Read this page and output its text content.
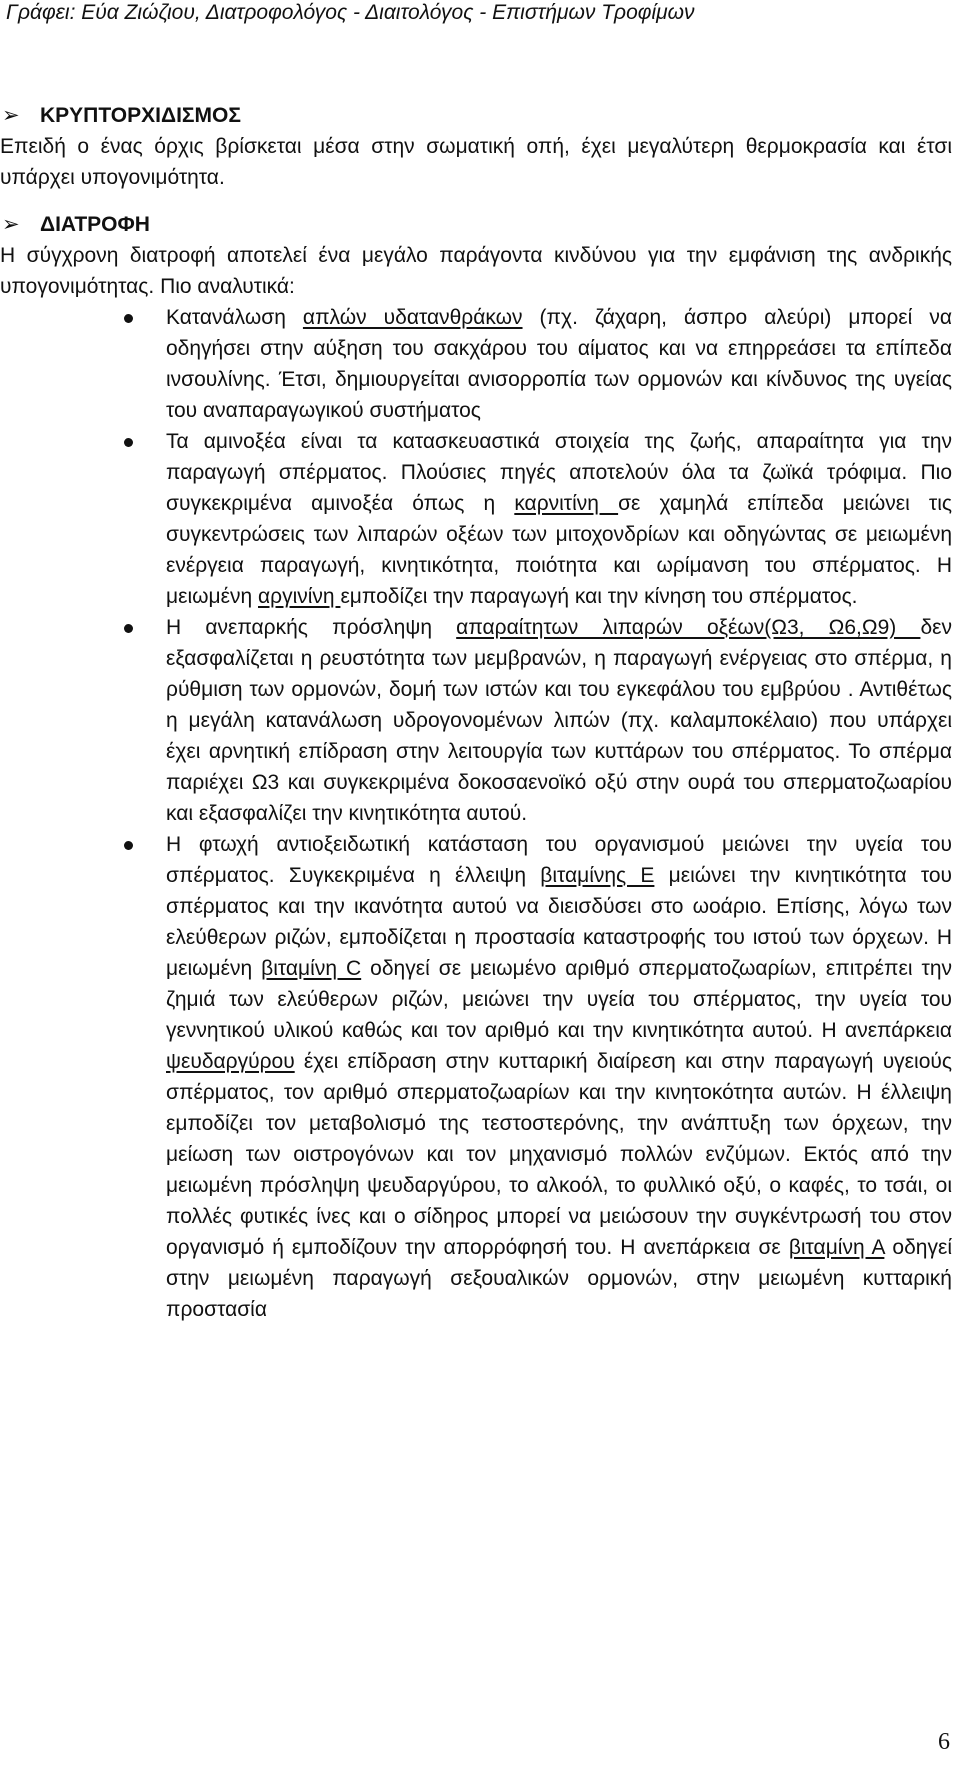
Γράφει: Εύα Ζιώζιου, Διατροφολόγος - Διαιτολόγος - Επιστήμων Τροφίμων
➢ ΚΡΥΠΤΟΡΧΙΔΙΣΜΟΣ

Επειδή ο ένας όρχις βρίσκεται μέσα στην σωματική οπή, έχει μεγαλύτερη θερμοκρασία και έτσι υπάρχει υπογονιμότητα.

➢ ΔΙΑΤΡΟΦΗ

Η σύγχρονη διατροφή αποτελεί ένα μεγάλο παράγοντα κινδύνου για την εμφάνιση της ανδρικής υπογονιμότητας. Πιο αναλυτικά:

Κατανάλωση απλών υδατανθράκων (πχ. ζάχαρη, άσπρο αλεύρι) μπορεί να οδηγήσει στην αύξηση του σακχάρου του αίματος και να επηρρεάσει τα επίπεδα ινσουλίνης. Έτσι, δημιουργείται ανισορροπία των ορμονών και κίνδυνος της υγείας του αναπαραγωγικού συστήματος

Τα αμινοξέα είναι τα κατασκευαστικά στοιχεία της ζωής, απαραίτητα για την παραγωγή σπέρματος. Πλούσιες πηγές αποτελούν όλα τα ζωϊκά τρόφιμα. Πιο συγκεκριμένα αμινοξέα όπως η καρνιτίνη σε χαμηλά επίπεδα μειώνει τις συγκεντρώσεις των λιπαρών οξέων των μιτοχονδρίων και οδηγώντας σε μειωμένη ενέργεια παραγωγή, κινητικότητα, ποιότητα και ωρίμανση του σπέρματος. Η μειωμένη αργινίνη εμποδίζει την παραγωγή και την κίνηση του σπέρματος.

Η ανεπαρκής πρόσληψη απαραίτητων λιπαρών οξέων(Ω3, Ω6,Ω9) δεν εξασφαλίζεται η ρευστότητα των μεμβρανών, η παραγωγή ενέργειας στο σπέρμα, η ρύθμιση των ορμονών, δομή των ιστών και του εγκεφάλου του εμβρύου . Αντιθέτως η μεγάλη κατανάλωση υδρογονομένων λιπών (πχ. καλαμποκέλαιο) που υπάρχει έχει αρνητική επίδραση στην λειτουργία των κυττάρων του σπέρματος. Το σπέρμα παριέχει Ω3 και συγκεκριμένα δοκοσαενοϊκό οξύ στην ουρά του σπερματοζωαρίου και εξασφαλίζει την κινητικότητα αυτού.

Η φτωχή αντιοξειδωτική κατάσταση του οργανισμού μειώνει την υγεία του σπέρματος. Συγκεκριμένα η έλλειψη βιταμίνης Ε μειώνει την κινητικότητα του σπέρματος και την ικανότητα αυτού να διεισδύσει στο ωοάριο. Επίσης, λόγω των ελεύθερων ριζών, εμποδίζεται η προστασία καταστροφής του ιστού των όρχεων. Η μειωμένη βιταμίνη C οδηγεί σε μειωμένο αριθμό σπερματοζωαρίων, επιτρέπει την ζημιά των ελεύθερων ριζών, μειώνει την υγεία του σπέρματος, την υγεία του γεννητικού υλικού καθώς και τον αριθμό και την κινητικότητα αυτού. Η ανεπάρκεια ψευδαργύρου έχει επίδραση στην κυτταρική διαίρεση και στην παραγωγή υγειούς σπέρματος, τον αριθμό σπερματοζωαρίων και την κινητοκότητα αυτών. Η έλλειψη εμποδίζει τον μεταβολισμό της τεστοστερόνης, την ανάπτυξη των όρχεων, την μείωση των οιστρογόνων και τον μηχανισμό πολλών ενζύμων. Εκτός από την μειωμένη πρόσληψη ψευδαργύρου, το αλκοόλ, το φυλλικό οξύ, ο καφές, το τσάι, οι πολλές φυτικές ίνες και ο σίδηρος μπορεί να μειώσουν την συγκέντρωσή του στον οργανισμό ή εμποδίζουν την απορρόφησή του. Η ανεπάρκεια σε βιταμίνη Α οδηγεί στην μειωμένη παραγωγή σεξουαλικών ορμονών, στην μειωμένη κυτταρική προστασία

6
